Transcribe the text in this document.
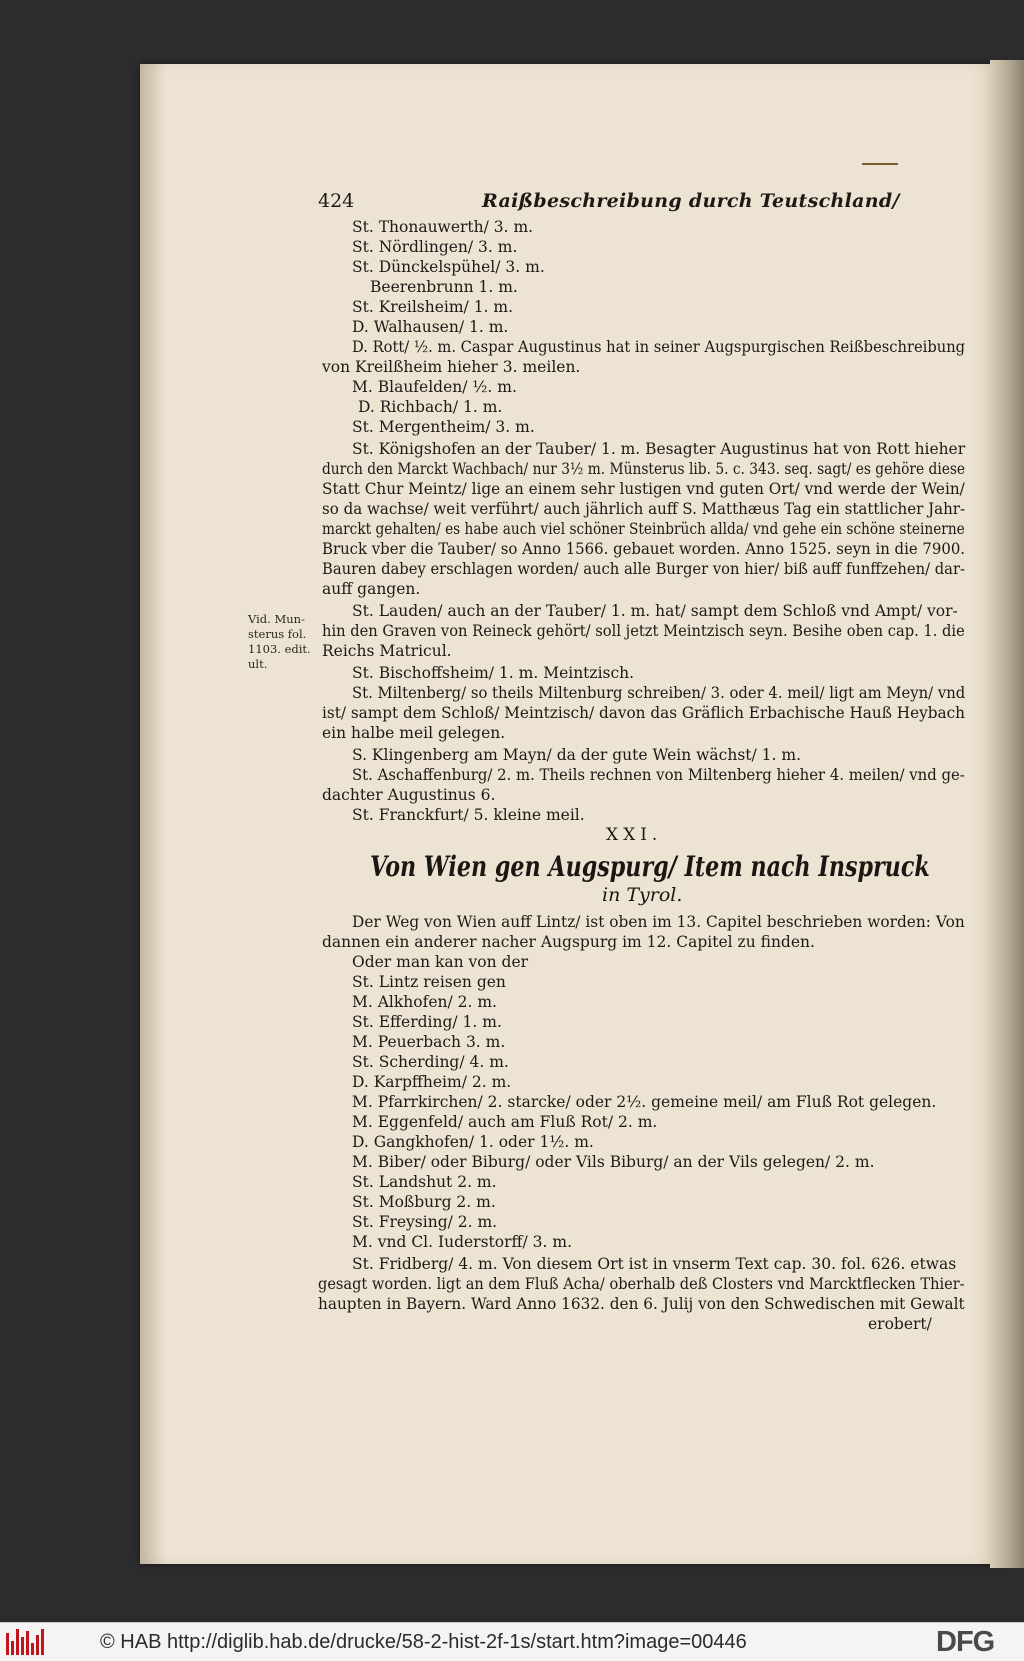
424	Raißbeschreibung durch Teutschland/
St. Thonauwerth/ 3. m.
St. Nördlingen/ 3. m.
St. Dünckelspühel/ 3. m.
Beerenbrunn 1. m.
St. Kreilsheim/ 1. m.
D. Walhausen/ 1. m.
D. Rott/ ½. m. Caspar Augustinus hat in seiner Augspurgischen Reißbeschreibung
von Kreilßheim hieher 3. meilen.
M. Blaufelden/ ½. m.
D. Richbach/ 1. m.
St. Mergentheim/ 3. m.
St. Königshofen an der Tauber/ 1. m. Besagter Augustinus hat von Rott hieher
durch den Marckt Wachbach/ nur 3½ m. Münsterus lib. 5. c. 343. seq. sagt/ es gehöre diese
Statt Chur Meintz/ lige an einem sehr lustigen vnd guten Ort/ vnd werde der Wein/
so da wachse/ weit verführt/ auch jährlich auff S. Matthæus Tag ein stattlicher Jahr-
marckt gehalten/ es habe auch viel schöner Steinbrüch allda/ vnd gehe ein schöne steinerne
Bruck vber die Tauber/ so Anno 1566. gebauet worden. Anno 1525. seyn in die 7900.
Bauren dabey erschlagen worden/ auch alle Burger von hier/ biß auff funffzehen/ dar-
auff gangen.
St. Lauden/ auch an der Tauber/ 1. m. hat/ sampt dem Schloß vnd Ampt/ vor-
hin den Graven von Reineck gehört/ soll jetzt Meintzisch seyn. Besihe oben cap. 1. die
Reichs Matricul.
St. Bischoffsheim/ 1. m. Meintzisch.
St. Miltenberg/ so theils Miltenburg schreiben/ 3. oder 4. meil/ ligt am Meyn/ vnd
ist/ sampt dem Schloß/ Meintzisch/ davon das Gräflich Erbachische Hauß Heybach
ein halbe meil gelegen.
S. Klingenberg am Mayn/ da der gute Wein wächst/ 1. m.
St. Aschaffenburg/ 2. m. Theils rechnen von Miltenberg hieher 4. meilen/ vnd ge-
dachter Augustinus 6.
St. Franckfurt/ 5. kleine meil.
Vid. Mun-
sterus fol.
1103. edit.
ult.
XXI.
Von Wien gen Augspurg/ Item nach Inspruck
in Tyrol.
Der Weg von Wien auff Lintz/ ist oben im 13. Capitel beschrieben worden: Von
dannen ein anderer nacher Augspurg im 12. Capitel zu finden.
Oder man kan von der
St. Lintz reisen gen
M. Alkhofen/ 2. m.
St. Efferding/ 1. m.
M. Peuerbach 3. m.
St. Scherding/ 4. m.
D. Karpffheim/ 2. m.
M. Pfarrkirchen/ 2. starcke/ oder 2½. gemeine meil/ am Fluß Rot gelegen.
M. Eggenfeld/ auch am Fluß Rot/ 2. m.
D. Gangkhofen/ 1. oder 1½. m.
M. Biber/ oder Biburg/ oder Vils Biburg/ an der Vils gelegen/ 2. m.
St. Landshut 2. m.
St. Moßburg 2. m.
St. Freysing/ 2. m.
M. vnd Cl. Iuderstorff/ 3. m.
St. Fridberg/ 4. m. Von diesem Ort ist in vnserm Text cap. 30. fol. 626. etwas
gesagt worden. ligt an dem Fluß Acha/ oberhalb deß Closters vnd Marcktflecken Thier-
haupten in Bayern. Ward Anno 1632. den 6. Julij von den Schwedischen mit Gewalt
erobert/
© HAB http://diglib.hab.de/drucke/58-2-hist-2f-1s/start.htm?image=00446	DFG
